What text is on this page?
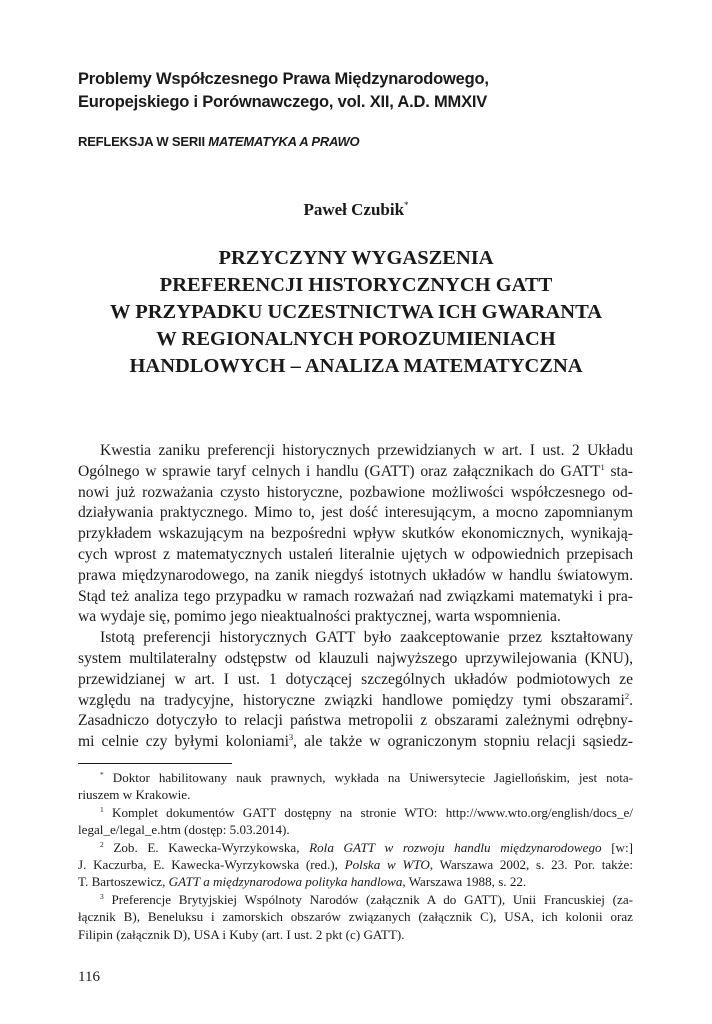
Problemy Współczesnego Prawa Międzynarodowego,
Europejskiego i Porównawczego, vol. XII, A.D. MMXIV
REFLEKSJA W SERII MATEMATYKA A PRAWO
Paweł Czubik*
PRZYCZYNY WYGASZENIA
PREFERENCJI HISTORYCZNYCH GATT
W PRZYPADKU UCZESTNICTWA ICH GWARANTA
W REGIONALNYCH POROZUMIENIACH
HANDLOWYCH – ANALIZA MATEMATYCZNA
Kwestia zaniku preferencji historycznych przewidzianych w art. I ust. 2 Układu
Ogólnego w sprawie taryf celnych i handlu (GATT) oraz załącznikach do GATT$^1$ sta-
nowi już rozważania czysto historyczne, pozbawione możliwości współczesnego od-
działywania praktycznego. Mimo to, jest dość interesującym, a mocno zapomnianym
przykładem wskazującym na bezpośredni wpływ skutków ekonomicznych, wynikają-
cych wprost z matematycznych ustaleń literalnie ujętych w odpowiednich przepisach
prawa międzynarodowego, na zanik niegdyś istotnych układów w handlu światowym.
Stąd też analiza tego przypadku w ramach rozważań nad związkami matematyki i pra-
wa wydaje się, pomimo jego nieaktualności praktycznej, warta wspomnienia.
Istotą preferencji historycznych GATT było zaakceptowanie przez kształtowany
system multilateralny odstępstw od klauzuli najwyższego uprzywilejowania (KNU),
przewidzianej w art. I ust. 1 dotyczącej szczególnych układów podmiotowych ze
względu na tradycyjne, historyczne związki handlowe pomiędzy tymi obszarami$^2$.
Zasadniczo dotyczyło to relacji państwa metropolii z obszarami zależnymi odrębny-
mi celnie czy byłymi koloniami$^3$, ale także w ograniczonym stopniu relacji sąsiedz-
* Doktor habilitowany nauk prawnych, wykłada na Uniwersytecie Jagiellońskim, jest nota-
riuszem w Krakowie.
$^1$ Komplet dokumentów GATT dostępny na stronie WTO: http://www.wto.org/english/docs_e/
legal_e/legal_e.htm (dostęp: 5.03.2014).
$^2$ Zob. E. Kawecka-Wyrzykowska, Rola GATT w rozwoju handlu międzynarodowego [w:]
J. Kaczurba, E. Kawecka-Wyrzykowska (red.), Polska w WTO, Warszawa 2002, s. 23. Por. także:
T. Bartoszewicz, GATT a międzynarodowa polityka handlowa, Warszawa 1988, s. 22.
$^3$ Preferencje Brytyjskiej Wspólnoty Narodów (załącznik A do GATT), Unii Francuskiej (za-
łącznik B), Beneluksu i zamorskich obszarów związanych (załącznik C), USA, ich kolonii oraz
Filipin (załącznik D), USA i Kuby (art. I ust. 2 pkt (c) GATT).
116
